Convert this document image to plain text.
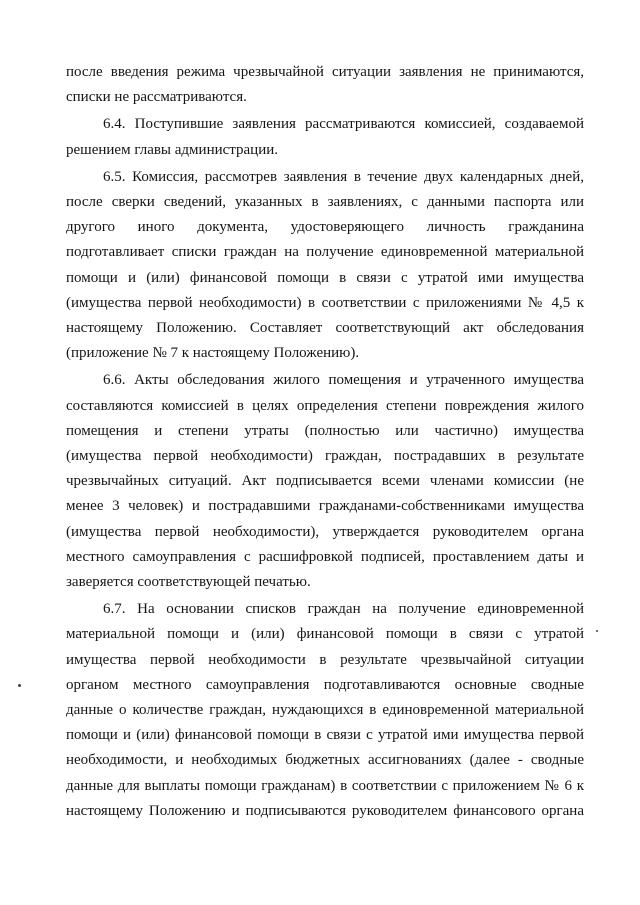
после введения режима чрезвычайной ситуации заявления не принимаются,
списки не рассматриваются.

6.4. Поступившие заявления рассматриваются комиссией, создаваемой
решением главы администрации.

6.5. Комиссия, рассмотрев заявления в течение двух календарных дней,
после сверки сведений, указанных в заявлениях, с данными паспорта или
другого иного документа, удостоверяющего личность гражданина
подготавливает списки граждан на получение единовременной материальной
помощи и (или) финансовой помощи в связи с утратой ими имущества
(имущества первой необходимости) в соответствии с приложениями № 4,5 к
настоящему Положению. Составляет соответствующий акт обследования
(приложение № 7 к настоящему Положению).

6.6. Акты обследования жилого помещения и утраченного имущества
составляются комиссией в целях определения степени повреждения жилого
помещения и степени утраты (полностью или частично) имущества
(имущества первой необходимости) граждан, пострадавших в результате
чрезвычайных ситуаций. Акт подписывается всеми членами комиссии (не
менее 3 человек) и пострадавшими гражданами-собственниками имущества
(имущества первой необходимости), утверждается руководителем органа
местного самоуправления с расшифровкой подписей, проставлением даты и
заверяется соответствующей печатью.

6.7. На основании списков граждан на получение единовременной
материальной помощи и (или) финансовой помощи в связи с утратой
имущества первой необходимости в результате чрезвычайной ситуации
органом местного самоуправления подготавливаются основные сводные
данные о количестве граждан, нуждающихся в единовременной материальной
помощи и (или) финансовой помощи в связи с утратой ими имущества первой
необходимости, и необходимых бюджетных ассигнованиях (далее - сводные
данные для выплаты помощи гражданам) в соответствии с приложением № 6 к
настоящему Положению и подписываются руководителем финансового органа
